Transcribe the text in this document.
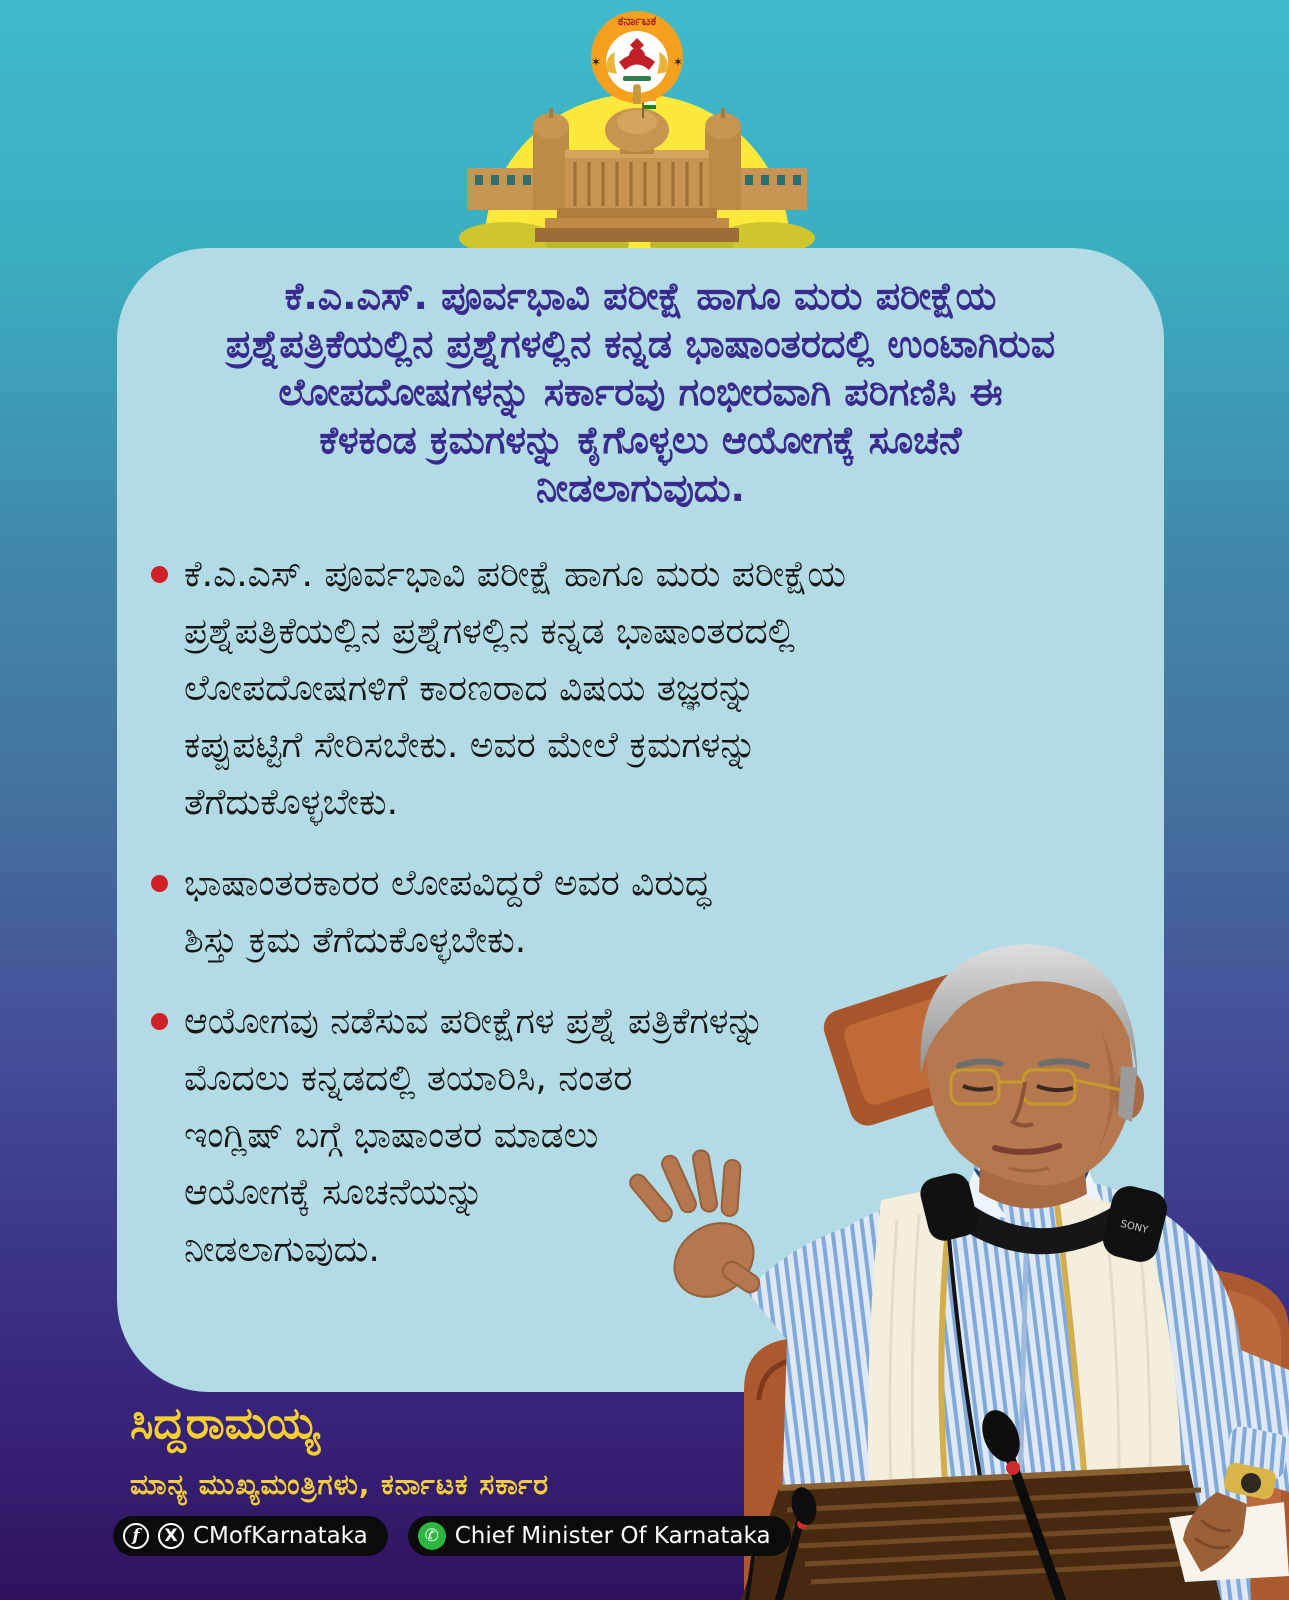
ಕರ್ನಾಟಕ
✶	✶
ಕೆ.ಎ.ಎಸ್. ಪೂರ್ವಭಾವಿ ಪರೀಕ್ಷೆ ಹಾಗೂ ಮರು ಪರೀಕ್ಷೆಯ
ಪ್ರಶ್ನೆಪತ್ರಿಕೆಯಲ್ಲಿನ ಪ್ರಶ್ನೆಗಳಲ್ಲಿನ ಕನ್ನಡ ಭಾಷಾಂತರದಲ್ಲಿ ಉಂಟಾಗಿರುವ
ಲೋಪದೋಷಗಳನ್ನು ಸರ್ಕಾರವು ಗಂಭೀರವಾಗಿ ಪರಿಗಣಿಸಿ ಈ
ಕೆಳಕಂಡ ಕ್ರಮಗಳನ್ನು ಕೈಗೊಳ್ಳಲು ಆಯೋಗಕ್ಕೆ ಸೂಚನೆ
ನೀಡಲಾಗುವುದು.
ಕೆ.ಎ.ಎಸ್. ಪೂರ್ವಭಾವಿ ಪರೀಕ್ಷೆ ಹಾಗೂ ಮರು ಪರೀಕ್ಷೆಯ
ಪ್ರಶ್ನೆಪತ್ರಿಕೆಯಲ್ಲಿನ ಪ್ರಶ್ನೆಗಳಲ್ಲಿನ ಕನ್ನಡ ಭಾಷಾಂತರದಲ್ಲಿ
ಲೋಪದೋಷಗಳಿಗೆ ಕಾರಣರಾದ ವಿಷಯ ತಜ್ಞರನ್ನು
ಕಪ್ಪುಪಟ್ಟಿಗೆ ಸೇರಿಸಬೇಕು. ಅವರ ಮೇಲೆ ಕ್ರಮಗಳನ್ನು
ತೆಗೆದುಕೊಳ್ಳಬೇಕು.
ಭಾಷಾಂತರಕಾರರ ಲೋಪವಿದ್ದರೆ ಅವರ ವಿರುದ್ಧ
ಶಿಸ್ತು ಕ್ರಮ ತೆಗೆದುಕೊಳ್ಳಬೇಕು.
ಆಯೋಗವು ನಡೆಸುವ ಪರೀಕ್ಷೆಗಳ ಪ್ರಶ್ನೆ ಪತ್ರಿಕೆಗಳನ್ನು
ಮೊದಲು ಕನ್ನಡದಲ್ಲಿ ತಯಾರಿಸಿ, ನಂತರ
ಇಂಗ್ಲಿಷ್ ಬಗ್ಗೆ ಭಾಷಾಂತರ ಮಾಡಲು
ಆಯೋಗಕ್ಕೆ ಸೂಚನೆಯನ್ನು
ನೀಡಲಾಗುವುದು.
SONY
ಸಿದ್ದರಾಮಯ್ಯ
ಮಾನ್ಯ ಮುಖ್ಯಮಂತ್ರಿಗಳು, ಕರ್ನಾಟಕ ಸರ್ಕಾರ
f	X CMofKarnataka	✆ Chief Minister Of Karnataka
